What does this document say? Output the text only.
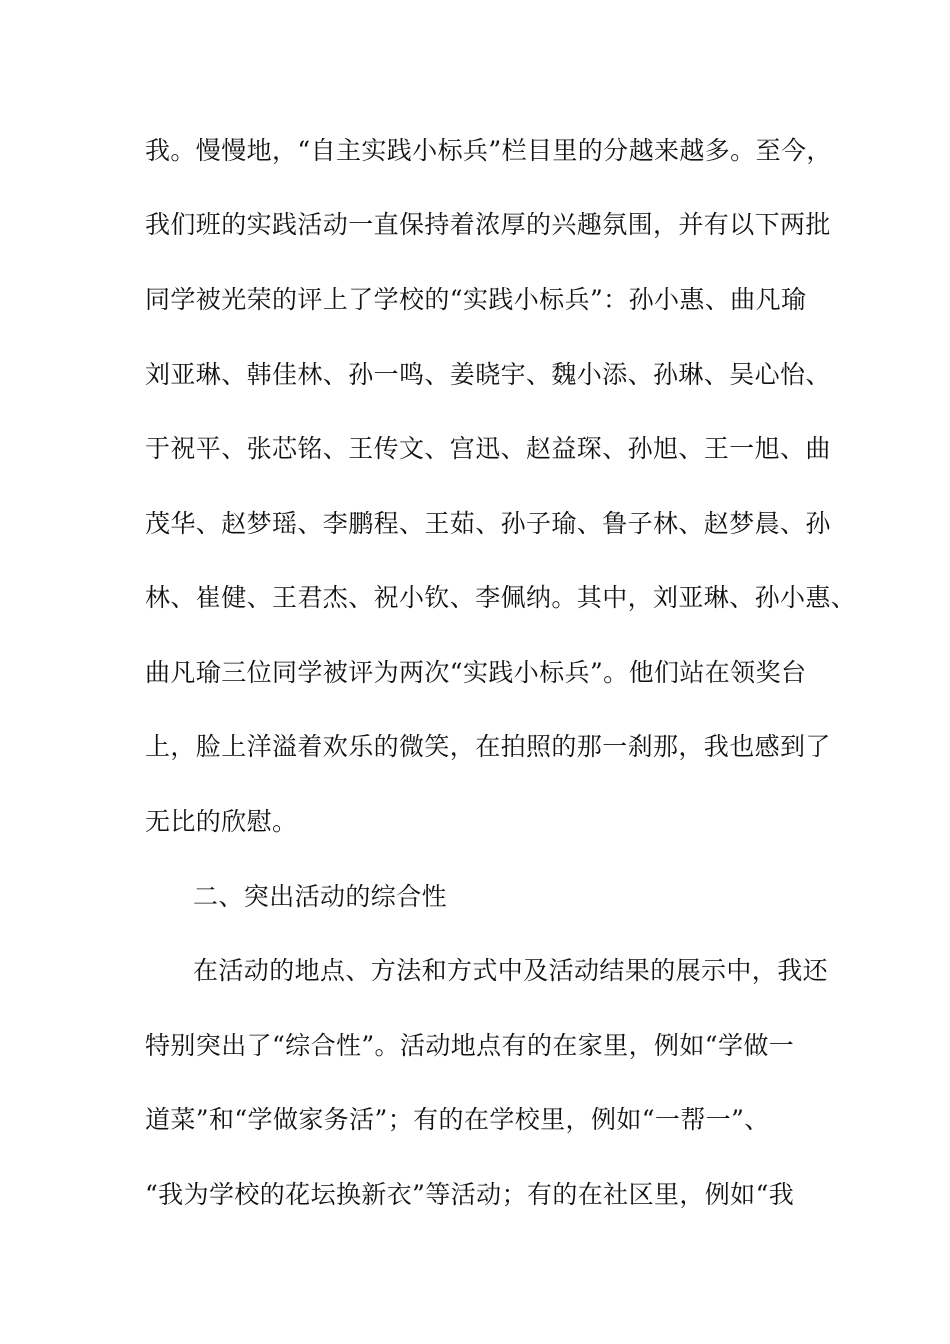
我。慢慢地，“自主实践小标兵”栏目里的分越来越多。至今，
我们班的实践活动一直保持着浓厚的兴趣氛围，并有以下两批
同学被光荣的评上了学校的“实践小标兵”：孙小惠、曲凡瑜
刘亚琳、韩佳林、孙一鸣、姜晓宇、魏小添、孙琳、吴心怡、
于祝平、张芯铭、王传文、宫迅、赵益琛、孙旭、王一旭、曲
茂华、赵梦瑶、李鹏程、王茹、孙子瑜、鲁子林、赵梦晨、孙
林、崔健、王君杰、祝小钦、李佩纳。其中，刘亚琳、孙小惠、
曲凡瑜三位同学被评为两次“实践小标兵”。他们站在领奖台
上，脸上洋溢着欢乐的微笑，在拍照的那一刹那，我也感到了
无比的欣慰。
二、突出活动的综合性
在活动的地点、方法和方式中及活动结果的展示中，我还
特别突出了“综合性”。活动地点有的在家里，例如“学做一
道菜”和“学做家务活”；有的在学校里，例如“一帮一”、
“我为学校的花坛换新衣”等活动；有的在社区里，例如“我
